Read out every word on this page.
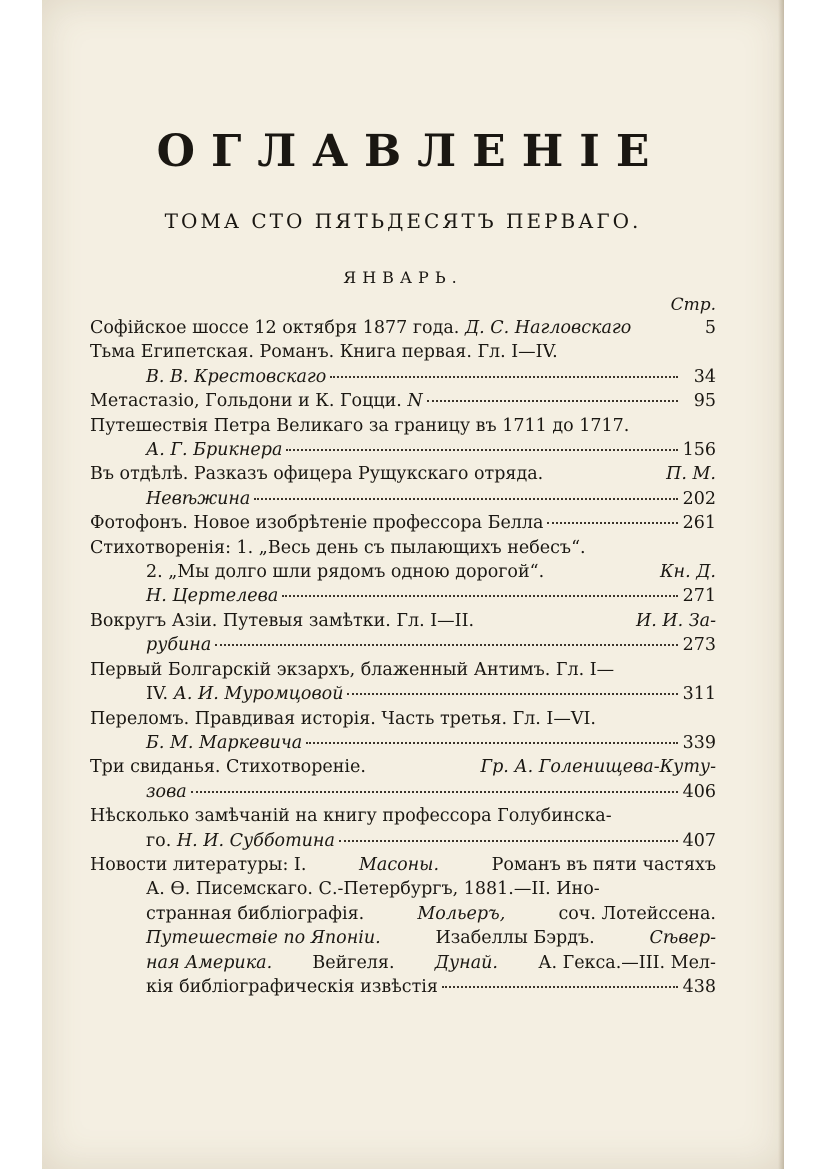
ОГЛАВЛЕНІЕ
ТОМА СТО ПЯТЬДЕСЯТЪ ПЕРВАГО.
ЯНВАРЬ.
Стр.
Софійское шоссе 12 октября 1877 года. Д. С. Нагловскаго	5
Тьма Египетская. Романъ. Книга первая. Гл. I—IV.
В. В. Крестовскаго	34
Метастазіо, Гольдони и К. Гоцци.
N	95
Путешествія Петра Великаго за границу въ 1711 до 1717.
А. Г. Брикнера	156
Въ отдѣлѣ. Разказъ офицера Рущукскаго отряда.	П. М.
Невѣжина	202
Фотофонъ. Новое изобрѣтеніе профессора Белла	261
Стихотворенія: 1. „Весь день съ пылающихъ небесъ“.
2. „Мы долго шли рядомъ одною дорогой“.	Кн. Д.
Н. Цертелева	271
Вокругъ Азіи. Путевыя замѣтки. Гл. I—II.	И. И. За-
рубина	273
Первый Болгарскій экзархъ, блаженный Антимъ. Гл. I—
IV.
А. И. Муромцовой	311
Переломъ. Правдивая исторія. Часть третья. Гл. I—VI.
Б. М. Маркевича	339
Три свиданья. Стихотвореніе.	Гр. А. Голенищева-Куту-
зова	406
Нѣсколько замѣчаній на книгу профессора Голубинска-
го.
Н. И. Субботина	407
Новости литературы: I.	Масоны.	Романъ въ пяти частяхъ
А. Ѳ. Писемскаго. С.-Петербургъ, 1881.—II. Ино-
странная библіографія.	Мольеръ,	соч. Лотейссена.
Путешествіе по Японіи.	Изабеллы Бэрдъ.	Сѣвер-
ная Америка. Вейгеля. Дунай. А. Гекса.—III. Мел-
кія библіографическія извѣстія	438
